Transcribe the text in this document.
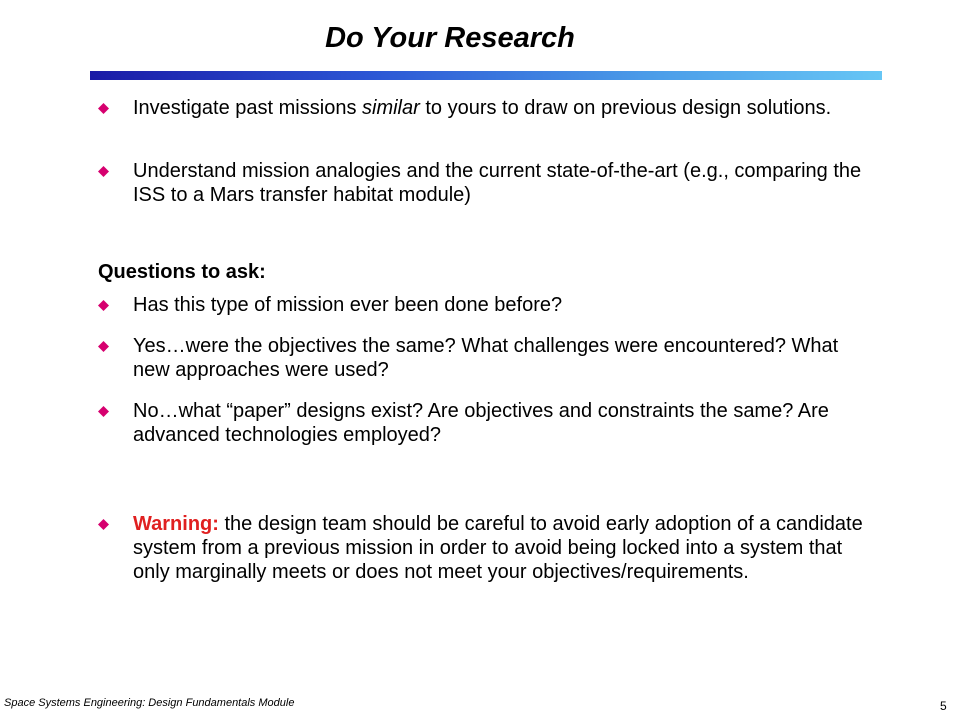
Do Your Research
Investigate past missions similar to yours to draw on previous design solutions.
Understand mission analogies and the current state-of-the-art (e.g., comparing the ISS to a Mars transfer habitat module)
Questions to ask:
Has this type of mission ever been done before?
Yes…were the objectives the same? What challenges were encountered? What new approaches were used?
No…what “paper” designs exist? Are objectives and constraints the same? Are advanced technologies employed?
Warning: the design team should be careful to avoid early adoption of a candidate system from a previous mission in order to avoid being locked into a system that only marginally meets or does not meet your objectives/requirements.
Space Systems Engineering: Design Fundamentals Module	5
